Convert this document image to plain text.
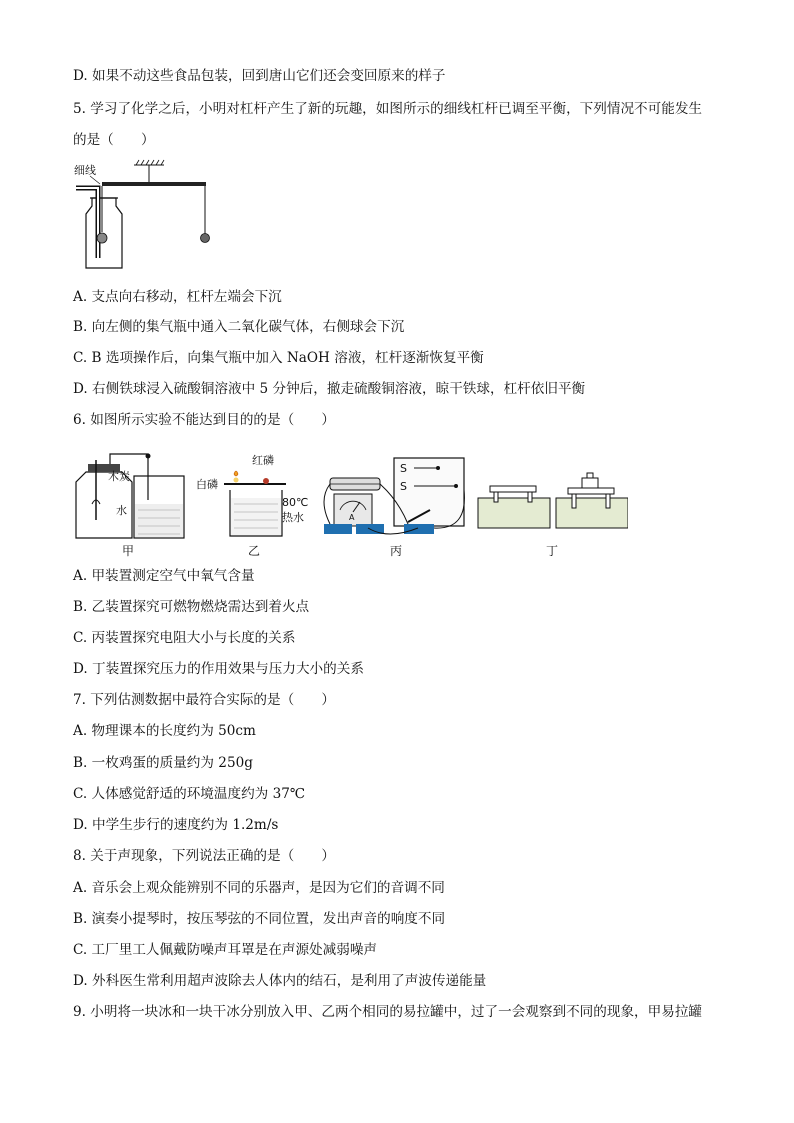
D. 如果不动这些食品包装，回到唐山它们还会变回原来的样子
5. 学习了化学之后，小明对杠杆产生了新的玩趣，如图所示的细线杠杆已调至平衡，下列情况不可能发生
的是（　　）
细线
A. 支点向右移动，杠杆左端会下沉
B. 向左侧的集气瓶中通入二氧化碳气体，右侧球会下沉
C. B 选项操作后，向集气瓶中加入 NaOH 溶液，杠杆逐渐恢复平衡
D. 右侧铁球浸入硫酸铜溶液中 5 分钟后，撤走硫酸铜溶液，晾干铁球，杠杆依旧平衡
6. 如图所示实验不能达到目的的是（　　）
木炭
水
甲
白磷
红磷
80℃
热水
乙
S
S
A
丙	丁
A. 甲装置测定空气中氧气含量
B. 乙装置探究可燃物燃烧需达到着火点
C. 丙装置探究电阻大小与长度的关系
D. 丁装置探究压力的作用效果与压力大小的关系
7. 下列估测数据中最符合实际的是（　　）
A. 物理课本的长度约为 50cm
B. 一枚鸡蛋的质量约为 250g
C. 人体感觉舒适的环境温度约为 37℃
D. 中学生步行的速度约为 1.2m/s
8. 关于声现象，下列说法正确的是（　　）
A. 音乐会上观众能辨别不同的乐器声，是因为它们的音调不同
B. 演奏小提琴时，按压琴弦的不同位置，发出声音的响度不同
C. 工厂里工人佩戴防噪声耳罩是在声源处减弱噪声
D. 外科医生常利用超声波除去人体内的结石，是利用了声波传递能量
9. 小明将一块冰和一块干冰分别放入甲、乙两个相同的易拉罐中，过了一会观察到不同的现象，甲易拉罐
